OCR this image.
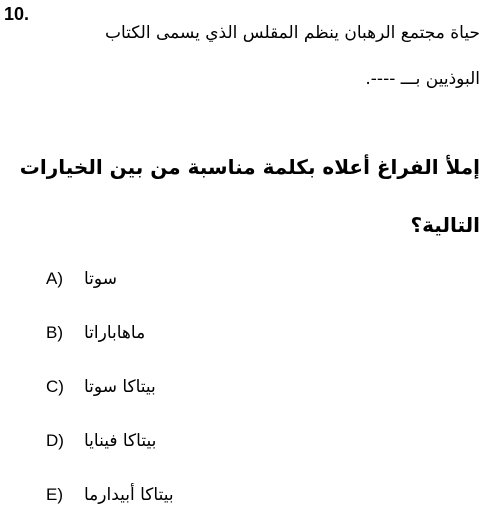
10.
حياة مجتمع الرهبان ينظم المقلس الذي يسمى الكتاب
البوذيين بـــ ----.
إملأ الفراغ أعلاه بكلمة مناسبة من بين الخيارات
التالية؟
A)	سوتا
B)	ماهاباراتا
C)	بيتاكا سوتا
D)	بيتاكا فينايا
E)	بيتاكا أبيدارما
